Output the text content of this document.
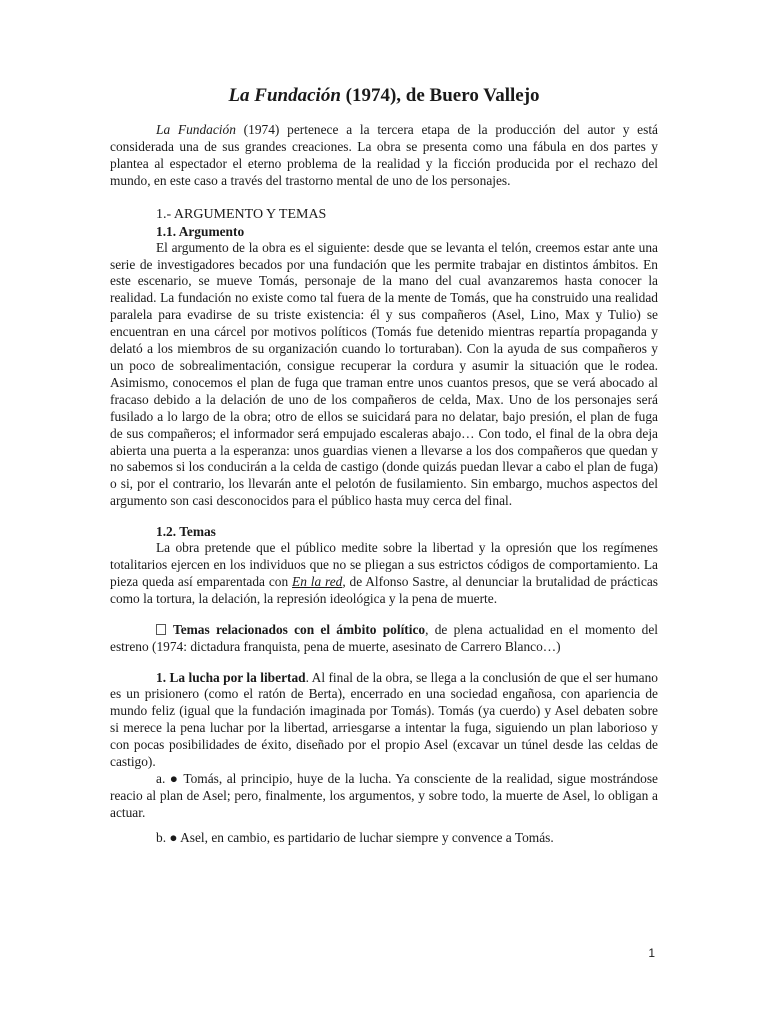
La Fundación (1974), de Buero Vallejo

La Fundación (1974) pertenece a la tercera etapa de la producción del autor y está considerada una de sus grandes creaciones. La obra se presenta como una fábula en dos partes y plantea al espectador el eterno problema de la realidad y la ficción producida por el rechazo del mundo, en este caso a través del trastorno mental de uno de los personajes.

1.- ARGUMENTO Y TEMAS
1.1. Argumento

El argumento de la obra es el siguiente: desde que se levanta el telón, creemos estar ante una serie de investigadores becados por una fundación que les permite trabajar en distintos ámbitos. En este escenario, se mueve Tomás, personaje de la mano del cual avanzaremos hasta conocer la realidad. La fundación no existe como tal fuera de la mente de Tomás, que ha construido una realidad paralela para evadirse de su triste existencia: él y sus compañeros (Asel, Lino, Max y Tulio) se encuentran en una cárcel por motivos políticos (Tomás fue detenido mientras repartía propaganda y delató a los miembros de su organización cuando lo torturaban). Con la ayuda de sus compañeros y un poco de sobrealimentación, consigue recuperar la cordura y asumir la situación que le rodea. Asimismo, conocemos el plan de fuga que traman entre unos cuantos presos, que se verá abocado al fracaso debido a la delación de uno de los compañeros de celda, Max. Uno de los personajes será fusilado a lo largo de la obra; otro de ellos se suicidará para no delatar, bajo presión, el plan de fuga de sus compañeros; el informador será empujado escaleras abajo… Con todo, el final de la obra deja abierta una puerta a la esperanza: unos guardias vienen a llevarse a los dos compañeros que quedan y no sabemos si los conducirán a la celda de castigo (donde quizás puedan llevar a cabo el plan de fuga) o si, por el contrario, los llevarán ante el pelotón de fusilamiento. Sin embargo, muchos aspectos del argumento son casi desconocidos para el público hasta muy cerca del final.

1.2. Temas

La obra pretende que el público medite sobre la libertad y la opresión que los regímenes totalitarios ejercen en los individuos que no se pliegan a sus estrictos códigos de comportamiento. La pieza queda así emparentada con En la red, de Alfonso Sastre, al denunciar la brutalidad de prácticas como la tortura, la delación, la represión ideológica y la pena de muerte.

Temas relacionados con el ámbito político, de plena actualidad en el momento del estreno (1974: dictadura franquista, pena de muerte, asesinato de Carrero Blanco…)

1. La lucha por la libertad. Al final de la obra, se llega a la conclusión de que el ser humano es un prisionero (como el ratón de Berta), encerrado en una sociedad engañosa, con apariencia de mundo feliz (igual que la fundación imaginada por Tomás). Tomás (ya cuerdo) y Asel debaten sobre si merece la pena luchar por la libertad, arriesgarse a intentar la fuga, siguiendo un plan laborioso y con pocas posibilidades de éxito, diseñado por el propio Asel (excavar un túnel desde las celdas de castigo).

a. ● Tomás, al principio, huye de la lucha. Ya consciente de la realidad, sigue mostrándose reacio al plan de Asel; pero, finalmente, los argumentos, y sobre todo, la muerte de Asel, lo obligan a actuar.

b. ● Asel, en cambio, es partidario de luchar siempre y convence a Tomás.

1
